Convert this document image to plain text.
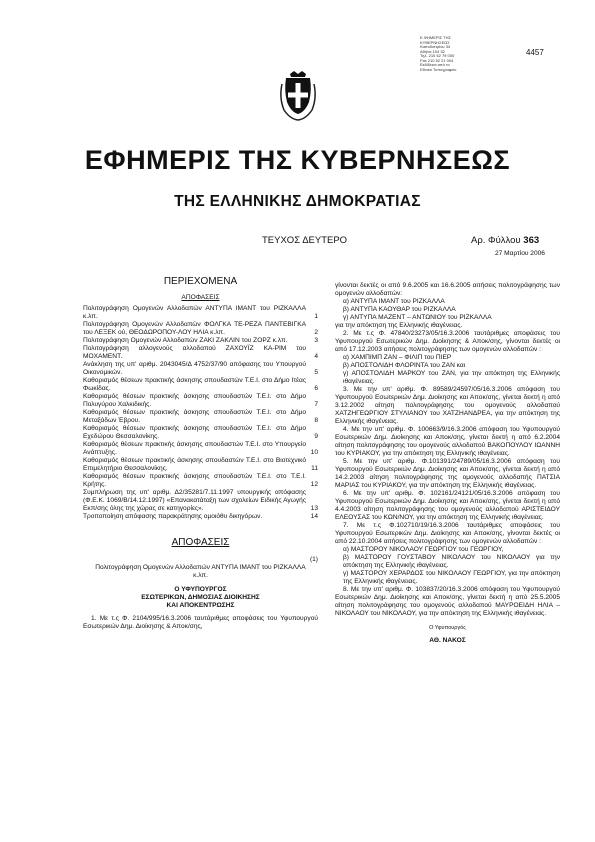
Ε.ΦΗΜΕΡΙΣ ΤΗΣ
ΚΥΒΕΡΝΗΣΕΩΣ
Καποδιστρίου 34
Αθήνα 104 32
Τηλ. 210 52 79 000
Fax 210 52 21 004
Εκδίδεται από το
Εθνικό Τυπογραφείο
4457
ΕΦΗΜΕΡΙΣ ΤΗΣ ΚΥΒΕΡΝΗΣΕΩΣ
ΤΗΣ ΕΛΛΗΝΙΚΗΣ ΔΗΜΟΚΡΑΤΙΑΣ
ΤΕΥΧΟΣ ΔΕΥΤΕΡΟ	Αρ. Φύλλου 363
27 Μαρτίου 2006
ΠΕΡΙΕΧΟΜΕΝΑ
ΑΠΟΦΑΣΕΙΣ
Πολιτογράφηση Ομογενών Αλλοδαπών ΑΝΤΥΠΑ ΙΜΑΝΤ του ΡΙΖΚΑΛΛΑ κ.λπ.	1
Πολιτογράφηση Ομογενών Αλλοδαπών ΦΟΛΓΚΑ ΤΕ-ΡΕΖΑ ΠΑΝΤΕΒΙΓΚΑ του ΛΕΞΕΚ ού, ΘΕΟΔΩΡΟΠΟΥ-ΛΟΥ ΗΛΙΑ κ.λπ.	2
Πολιτογράφηση Ομογενών Αλλοδαπών ΖΑΚΙ ΖΑΚΛΙΝ του ΖΟΡΖ κ.λπ.	3
Πολιτογράφηση αλλογενούς αλλοδαπού ΖΑΧΟΥΪΖ ΚΑ-ΡΙΜ του ΜΟΧΑΜΕΝΤ.	4
Ανάκληση της υπ' αριθμ. 2043045/Δ 4752/37/90 απόφασης του Υπουργού Οικονομικών.	5
Καθορισμός θέσεων πρακτικής άσκησης σπουδαστών Τ.Ε.Ι. στο Δήμο Ιτέας Φωκίδας.	6
Καθορισμός θέσεων πρακτικής άσκησης σπουδαστών Τ.Ε.Ι. στο Δήμο Πολυγύρου Χαλκιδικής.	7
Καθορισμός θέσεων πρακτικής άσκησης σπουδαστών Τ.Ε.Ι. στο Δήμο Μεταξάδων Έβρου.	8
Καθορισμός θέσεων πρακτικής άσκησης σπουδαστών Τ.Ε.Ι. στο Δήμο Εχεδώρου Θεσσαλονίκης.	9
Καθορισμός θέσεων πρακτικής άσκησης σπουδαστών Τ.Ε.Ι. στο Υπουργείο Ανάπτυξης.	10
Καθορισμός θέσεων πρακτικής άσκησης σπουδαστών Τ.Ε.Ι. στο Βιοτεχνικό Επιμελητήριο Θεσσαλονίκης.	11
Καθορισμός θέσεων πρακτικής άσκησης σπουδαστών Τ.Ε.Ι. στο Τ.Ε.Ι. Κρήτης.	12
Συμπλήρωση της υπ' αριθμ. Δ2/35281/7.11.1997 υπουργικής απόφασης (Φ.Ε.Κ. 1069/Β/14.12.1997) «Επανακατάταξη των σχολείων Ειδικής Αγωγής Εκπ/σης όλης της χώρας σε κατηγορίες».	13
Τροποποίηση απόφασης παρακράτησης ομοιόθυ δικηγόρων.	14
ΑΠΟΦΑΣΕΙΣ
(1)
Πολιτογράφηση Ομογενών Αλλοδαπών ΑΝΤΥΠΑ ΙΜΑΝΤ του ΡΙΖΚΑΛΛΑ κ.λπ.
Ο ΥΦΥΠΟΥΡΓΟΣ
ΕΣΩΤΕΡΙΚΩΝ, ΔΗΜΟΣΙΑΣ ΔΙΟΙΚΗΣΗΣ
ΚΑΙ ΑΠΟΚΕΝΤΡΩΣΗΣ
1. Με τ.ς Φ. 2104/995/16.3.2006 ταυτάριθμες αποφάσεις του Υφυπουργού Εσωτερικών Δημ. Διοίκησης & Αποκ/σης,

γίνονται δεκτές οι από 9.6.2005 και 16.6.2005 αιτήσεις πολιτογράφησης των ομογενών αλλοδαπών:

α) ΑΝΤΥΠΑ ΙΜΑΝΤ του ΡΙΖΚΑΛΛΑ

β) ΑΝΤΥΠΑ ΚΑΟΥΘΑΡ του ΡΙΖΚΑΛΛΑ

γ) ΑΝΤΥΠΑ ΜΑΖΕΝΤ – ΑΝΤΩΝΙΟΥ του ΡΙΖΚΑΛΛΑ

για την απόκτηση της Ελληνικής ιθαγένειας.

2. Με τ.ς Φ. 47840/23273/05/16.3.2006 ταυτάριθμες αποφάσεις του Υφυπουργού Εσωτερικών Δημ. Διοίκησης & Αποκ/σης, γίνονται δεκτές οι από 17.12.2003 αιτήσεις πολιτογράφησης των ομογενών αλλοδαπών :

α) ΧΑΜΠΙΜΠ ΖΑΝ – ΦΙΛΙΠ του ΠΙΕΡ

β) ΑΠΟΣΤΟΛΙΔΗ ΦΛΟΡΙΝΤΑ του ΖΑΝ και

γ) ΑΠΟΣΤΟΛΙΔΗ ΜΑΡΚΟΥ του ΖΑΝ, για την απόκτηση της Ελληνικής ιθαγένειας.

3. Με την υπ' αριθμ. Φ. 89589/24597/05/16.3.2006 απόφαση του Υφυπουργού Εσωτερικών Δημ. Διοίκησης και Αποκ/σης, γίνεται δεκτή η από 3.12.2002 αίτηση πολιτογράφησης του ομογενούς αλλοδαπού ΧΑΤΖΗΓΕΩΡΓΙΟΥ ΣΤΥΛΙΑΝΟΥ του ΧΑΤΖΗΑΝΔΡΕΑ, για την απόκτηση της Ελληνικής ιθαγένειας.

4. Με την υπ' αριθμ. Φ. 100663/9/16.3.2006 απόφαση του Υφυπουργού Εσωτερικών Δημ. Διοίκησης και Αποκ/σης, γίνεται δεκτή η από 6.2.2004 αίτηση πολιτογράφησης του ομογενούς αλλοδαπού ΒΑΚΟΠΟΥΛΟΥ ΙΩΑΝΝΗ του ΚΥΡΙΑΚΟΥ, για την απόκτηση της Ελληνικής ιθαγένειας.

5. Με την υπ' αριθμ. Φ.101391/24789/05/16.3.2006 απόφαση του Υφυπουργού Εσωτερικών Δημ. Διοίκησης και Αποκ/σης, γίνεται δεκτή η από 14.2.2003 αίτηση πολιτογράφησης της ομογενούς αλλοδαπής ΠΑΤΣΙΑ ΜΑΡΙΑΣ του ΚΥΡΙΑΚΟΥ, για την απόκτηση της Ελληνικής ιθαγένειας.

6. Με την υπ' αριθμ. Φ. 102161/24121/05/16.3.2006 απόφαση του Υφυπουργού Εσωτερικών Δημ. Διοίκησης και Αποκ/σης, γίνεται δεκτή η από 4.4.2003 αίτηση πολιτογράφησης του ομογενούς αλλοδαπού ΑΡΙΣΤΕΙΔΟΥ ΕΛΕΟΥΣΑΣ του ΚΩΝ/ΝΟΥ, για την απόκτηση της Ελληνικής ιθαγένειας.

7. Με τ.ς Φ.102710/19/16.3.2006 ταυτάριθμες αποφάσεις του Υφυπουργού Εσωτερικών Δημ. Διοίκησης και Αποκ/σης, γίνονται δεκτές οι από 22.10.2004 αιτήσεις πολιτογράφησης των ομογενών αλλοδαπών :

α) ΜΑΣΤΟΡΟΥ ΝΙΚΟΛΑΟΥ ΓΕΩΡΓΙΟΥ του ΓΕΩΡΓΙΟΥ,

β) ΜΑΣΤΟΡΟΥ ΓΟΥΣΤΑΒΟΥ ΝΙΚΟΛΑΟΥ του ΝΙΚΟΛΑΟΥ για την απόκτηση της Ελληνικής ιθαγένειας.

γ) ΜΑΣΤΟΡΟΥ ΧΕΡΑΡΔΟΣ του ΝΙΚΟΛΑΟΥ ΓΕΩΡΓΙΟΥ, για την απόκτηση της Ελληνικής ιθαγένειας.

8. Με την υπ' αριθμ. Φ. 103837/20/16.3.2006 απόφαση του Υφυπουργού Εσωτερικών Δημ. Διοίκησης και Αποκ/σης, γίνεται δεκτή η από 25.5.2005 αίτηση πολιτογράφησης του ομογενούς αλλοδαπού ΜΑΥΡΟΕΙΔΗ ΗΛΙΑ – ΝΙΚΟΛΑΟΥ του ΝΙΚΟΛΑΟΥ, για την απόκτηση της Ελληνικής ιθαγένειας.

Ο Υφυπουργός
ΑΘ. ΝΑΚΟΣ
